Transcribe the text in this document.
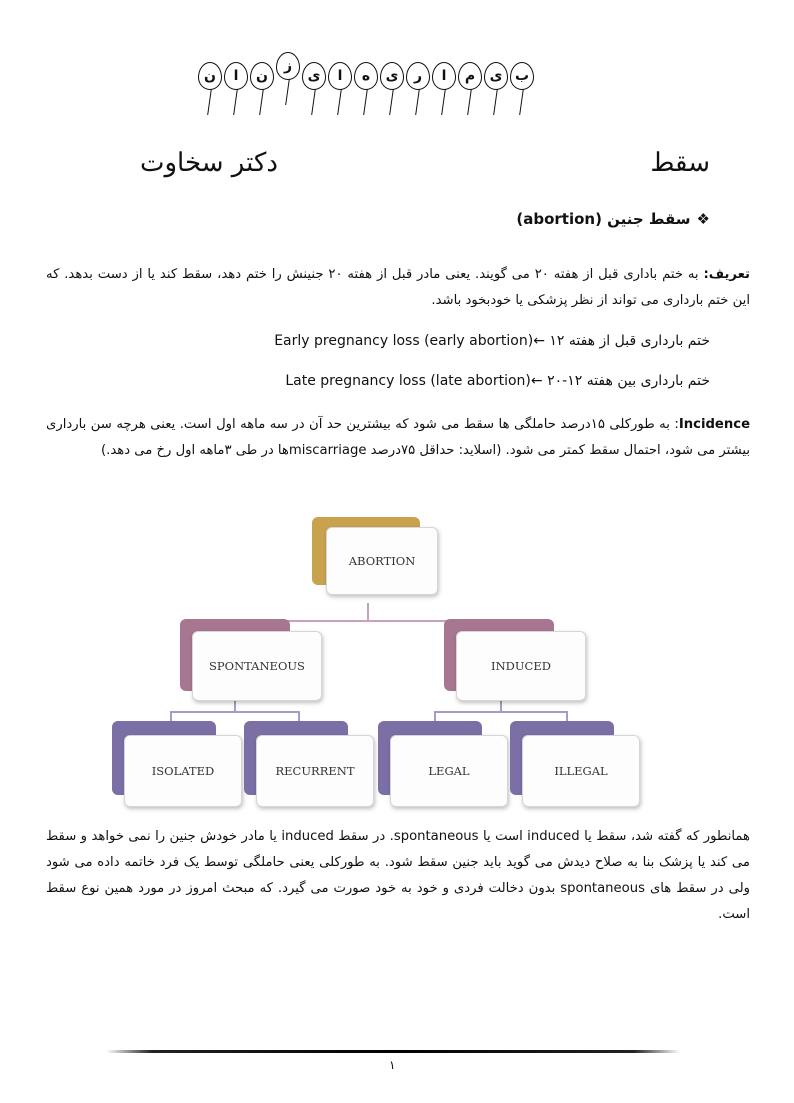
ب
ی
م
ا
ر
ی
ه
ا
ی
ز
ن
ا
ن
سقط
دکتر سخاوت
❖
سقط جنین (abortion)
تعریف: به ختم باداری قبل از هفته ۲۰ می گویند. یعنی مادر قبل از هفته ۲۰ جنینش را ختم دهد، سقط کند یا از دست بدهد. که این ختم بارداری می تواند از نظر پزشکی یا خودبخود باشد.
ختم بارداری قبل از هفته ۱۲ ←Early pregnancy loss (early abortion)
ختم بارداری بین هفته ۱۲-۲۰ ←Late pregnancy loss (late abortion)
Incidence: به طورکلی ۱۵درصد حاملگی ها سقط می شود که بیشترین حد آن در سه ماهه اول است. یعنی هرچه سن بارداری بیشتر می شود، احتمال سقط کمتر می شود. (اسلاید: حداقل ۷۵درصد miscarriageها در طی ۳ماهه اول رخ می دهد.)
ABORTION
SPONTANEOUS	INDUCED
ISOLATED	RECURRENT	LEGAL	ILLEGAL
همانطور که گفته شد، سقط یا induced است یا spontaneous. در سقط induced یا مادر خودش جنین را نمی خواهد و سقط می کند یا پزشک بنا به صلاح دیدش می گوید باید جنین سقط شود. به طورکلی یعنی حاملگی توسط یک فرد خاتمه داده می شود ولی در سقط های spontaneous بدون دخالت فردی و خود به خود صورت می گیرد. که مبحث امروز در مورد همین نوع سقط است.
۱
